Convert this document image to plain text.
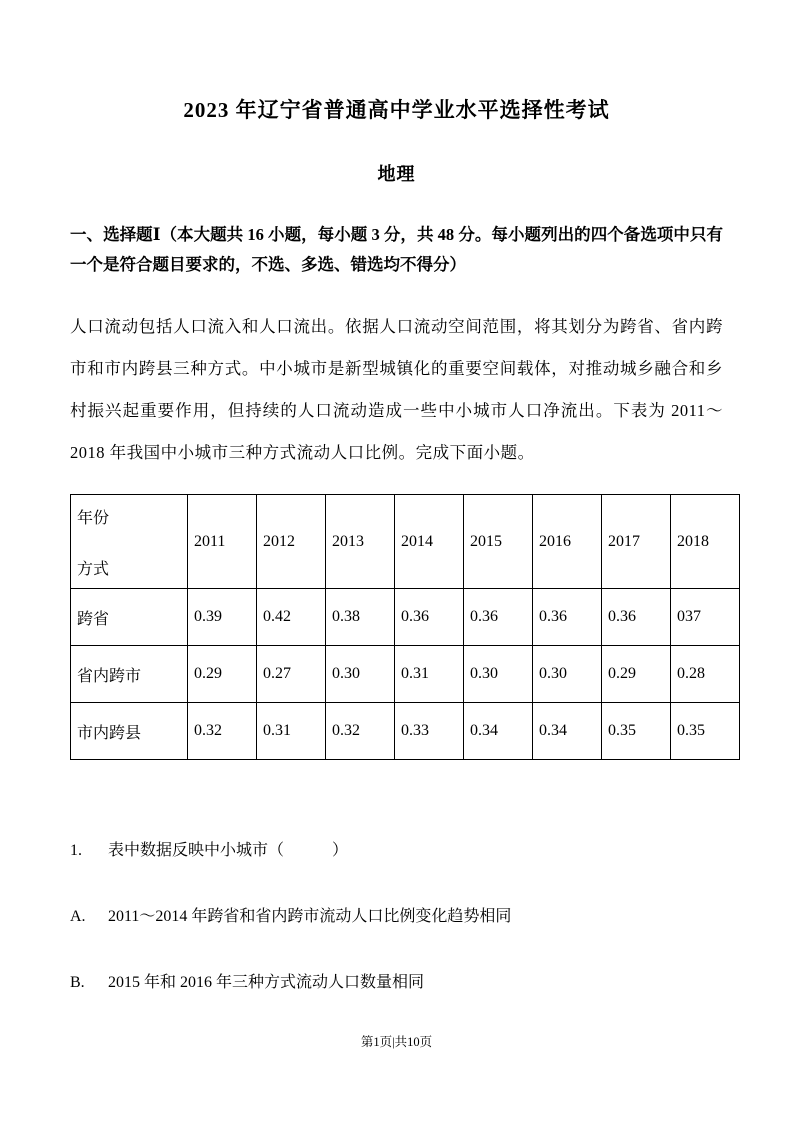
2023 年辽宁省普通高中学业水平选择性考试
地理

一、选择题Ⅰ（本大题共 16 小题，每小题 3 分，共 48 分。每小题列出的四个备选项中只有一个是符合题目要求的，不选、多选、错选均不得分）

人口流动包括人口流入和人口流出。依据人口流动空间范围，将其划分为跨省、省内跨市和市内跨县三种方式。中小城市是新型城镇化的重要空间载体，对推动城乡融合和乡村振兴起重要作用，但持续的人口流动造成一些中小城市人口净流出。下表为 2011～2018 年我国中小城市三种方式流动人口比例。完成下面小题。

年份
方式	2011	2012	2013	2014	2015	2016	2017	2018
跨省	0.39	0.42	0.38	0.36	0.36	0.36	0.36	037
省内跨市	0.29	0.27	0.30	0.31	0.30	0.30	0.29	0.28
市内跨县	0.32	0.31	0.32	0.33	0.34	0.34	0.35	0.35
1. 表中数据反映中小城市（　　　）
A. 2011～2014 年跨省和省内跨市流动人口比例变化趋势相同
B. 2015 年和 2016 年三种方式流动人口数量相同
第1页|共10页
